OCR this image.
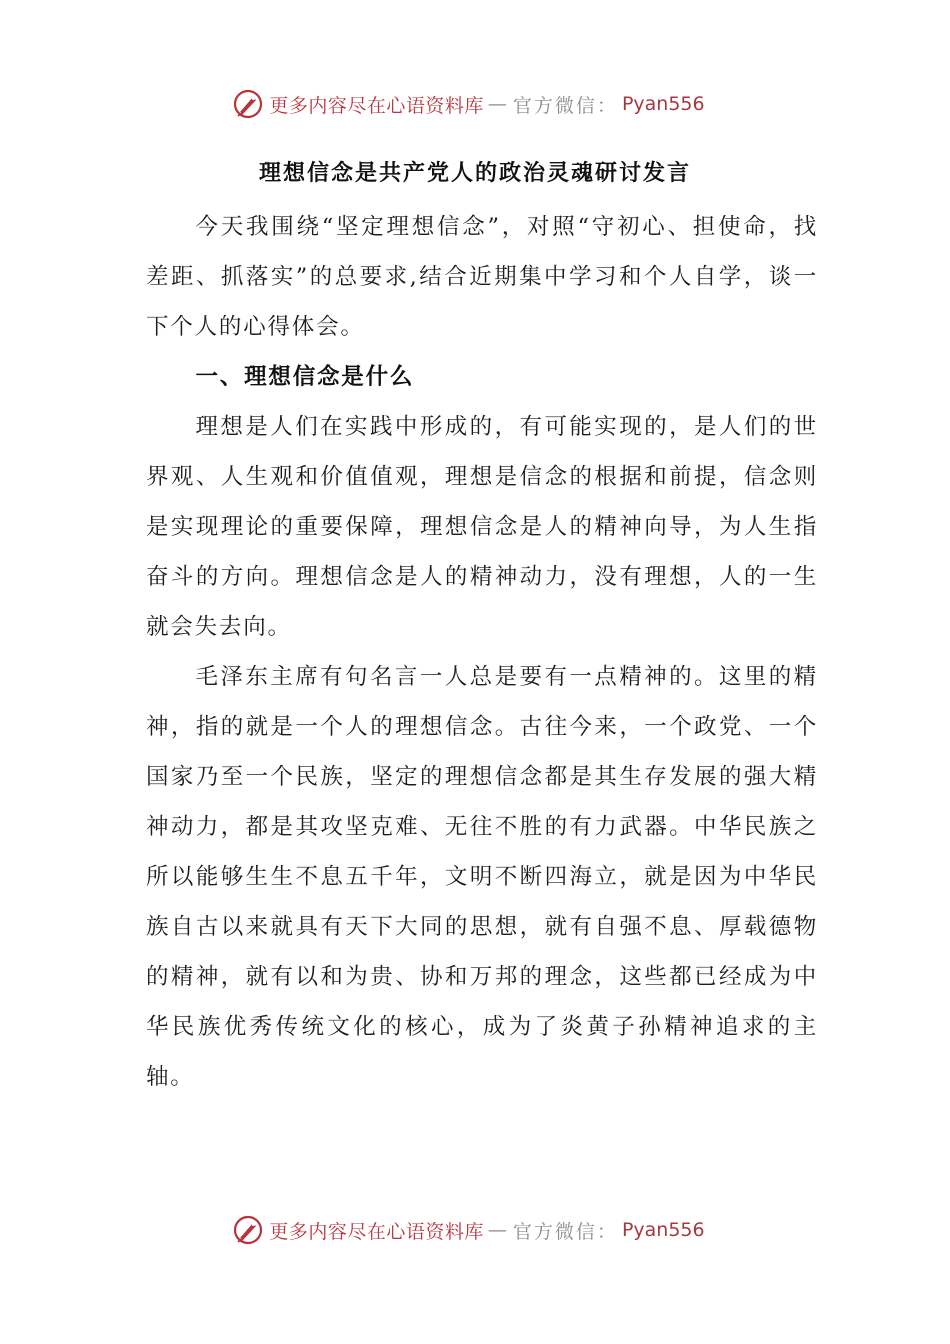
更多内容尽在心语资料库 — 官方微信： Pyan556
理想信念是共产党人的政治灵魂研讨发言

今天我围绕“坚定理想信念”，对照“守初心、担使命，找差距、抓落实”的总要求,结合近期集中学习和个人自学，谈一下个人的心得体会。

一、理想信念是什么

理想是人们在实践中形成的，有可能实现的，是人们的世界观、人生观和价值值观，理想是信念的根据和前提，信念则是实现理论的重要保障，理想信念是人的精神向导，为人生指奋斗的方向。理想信念是人的精神动力，没有理想，人的一生就会失去向。

毛泽东主席有句名言一人总是要有一点精神的。这里的精神，指的就是一个人的理想信念。古往今来，一个政党、一个国家乃至一个民族，坚定的理想信念都是其生存发展的强大精神动力，都是其攻坚克难、无往不胜的有力武器。中华民族之所以能够生生不息五千年，文明不断四海立，就是因为中华民族自古以来就具有天下大同的思想，就有自强不息、厚载德物的精神，就有以和为贵、协和万邦的理念，这些都已经成为中华民族优秀传统文化的核心，成为了炎黄子孙精神追求的主轴。

更多内容尽在心语资料库 — 官方微信： Pyan556
